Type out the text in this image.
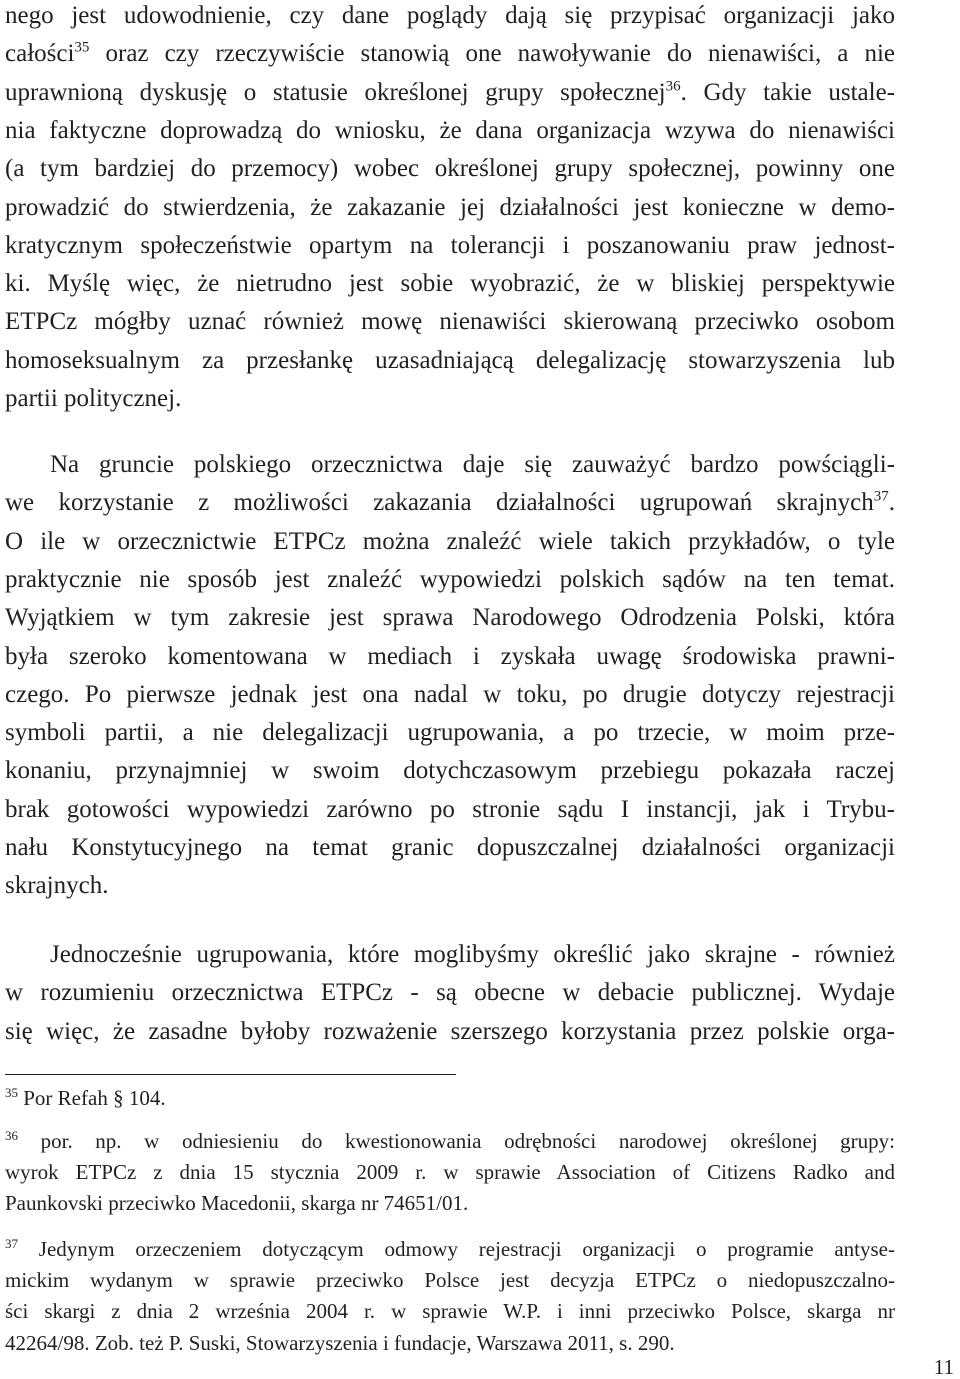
nego jest udowodnienie, czy dane poglądy dają się przypisać organizacji jako
całości$^{35}$ oraz czy rzeczywiście stanowią one nawoływanie do nienawiści, a nie
uprawnioną dyskusję o statusie określonej grupy społecznej$^{36}$. Gdy takie ustale-
nia faktyczne doprowadzą do wniosku, że dana organizacja wzywa do nienawiści
(a tym bardziej do przemocy) wobec określonej grupy społecznej, powinny one
prowadzić do stwierdzenia, że zakazanie jej działalności jest konieczne w demo-
kratycznym społeczeństwie opartym na tolerancji i poszanowaniu praw jednost-
ki. Myślę więc, że nietrudno jest sobie wyobrazić, że w bliskiej perspektywie
ETPCz mógłby uznać również mowę nienawiści skierowaną przeciwko osobom
homoseksualnym za przesłankę uzasadniającą delegalizację stowarzyszenia lub
partii politycznej.
Na gruncie polskiego orzecznictwa daje się zauważyć bardzo powściągli-
we korzystanie z możliwości zakazania działalności ugrupowań skrajnych$^{37}$.
O ile w orzecznictwie ETPCz można znaleźć wiele takich przykładów, o tyle
praktycznie nie sposób jest znaleźć wypowiedzi polskich sądów na ten temat.
Wyjątkiem w tym zakresie jest sprawa Narodowego Odrodzenia Polski, która
była szeroko komentowana w mediach i zyskała uwagę środowiska prawni-
czego. Po pierwsze jednak jest ona nadal w toku, po drugie dotyczy rejestracji
symboli partii, a nie delegalizacji ugrupowania, a po trzecie, w moim prze-
konaniu, przynajmniej w swoim dotychczasowym przebiegu pokazała raczej
brak gotowości wypowiedzi zarówno po stronie sądu I instancji, jak i Trybu-
nału Konstytucyjnego na temat granic dopuszczalnej działalności organizacji
skrajnych.
Jednocześnie ugrupowania, które moglibyśmy określić jako skrajne - również
w rozumieniu orzecznictwa ETPCz - są obecne w debacie publicznej. Wydaje
się więc, że zasadne byłoby rozważenie szerszego korzystania przez polskie orga-
$^{35}$ Por Refah § 104.
$^{36}$ por. np. w odniesieniu do kwestionowania odrębności narodowej określonej grupy:
wyrok ETPCz z dnia 15 stycznia 2009 r. w sprawie Association of Citizens Radko and
Paunkovski przeciwko Macedonii, skarga nr 74651/01.
$^{37}$ Jedynym orzeczeniem dotyczącym odmowy rejestracji organizacji o programie antyse-
mickim wydanym w sprawie przeciwko Polsce jest decyzja ETPCz o niedopuszczalno-
ści skargi z dnia 2 września 2004 r. w sprawie W.P. i inni przeciwko Polsce, skarga nr
42264/98. Zob. też P. Suski, Stowarzyszenia i fundacje, Warszawa 2011, s. 290.
11
